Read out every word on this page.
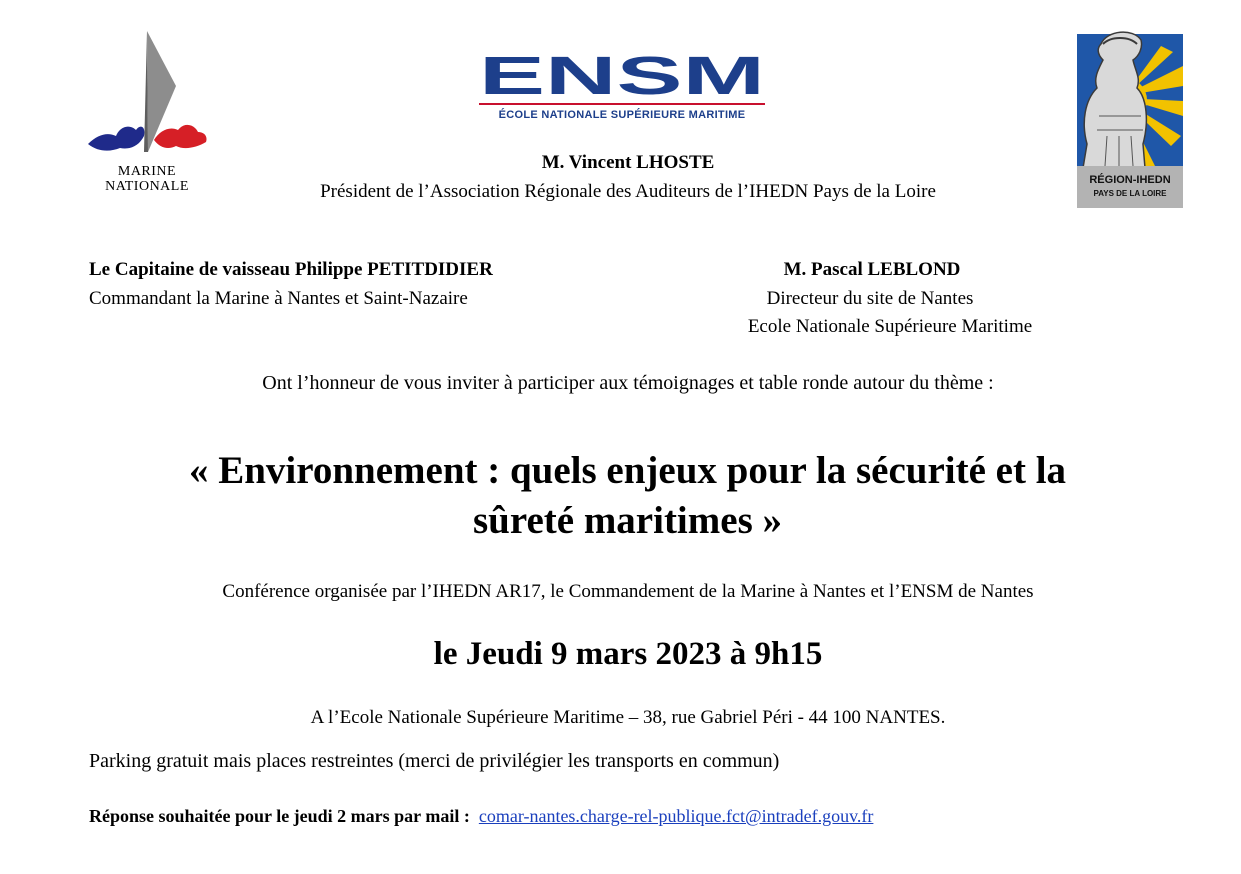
MARINE
NATIONALE
ENSM
ÉCOLE NATIONALE SUPÉRIEURE MARITIME
RÉGION-IHEDN
PAYS DE LA LOIRE
M. Vincent LHOSTE
Président de l’Association Régionale des Auditeurs de l’IHEDN Pays de la Loire
Le Capitaine de vaisseau Philippe PETITDIDIER
Commandant la Marine à Nantes et Saint-Nazaire
M. Pascal LEBLOND
Directeur du site de Nantes
Ecole Nationale Supérieure Maritime
Ont l’honneur de vous inviter à participer aux témoignages et table ronde autour du thème :
« Environnement : quels enjeux pour la sécurité et la
sûreté maritimes »
Conférence organisée par l’IHEDN AR17, le Commandement de la Marine à Nantes et l’ENSM de Nantes
le Jeudi 9 mars 2023 à 9h15
A l’Ecole Nationale Supérieure Maritime – 38, rue Gabriel Péri - 44 100 NANTES.
Parking gratuit mais places restreintes (merci de privilégier les transports en commun)
Réponse souhaitée pour le jeudi 2 mars par mail : comar-nantes.charge-rel-publique.fct@intradef.gouv.fr
